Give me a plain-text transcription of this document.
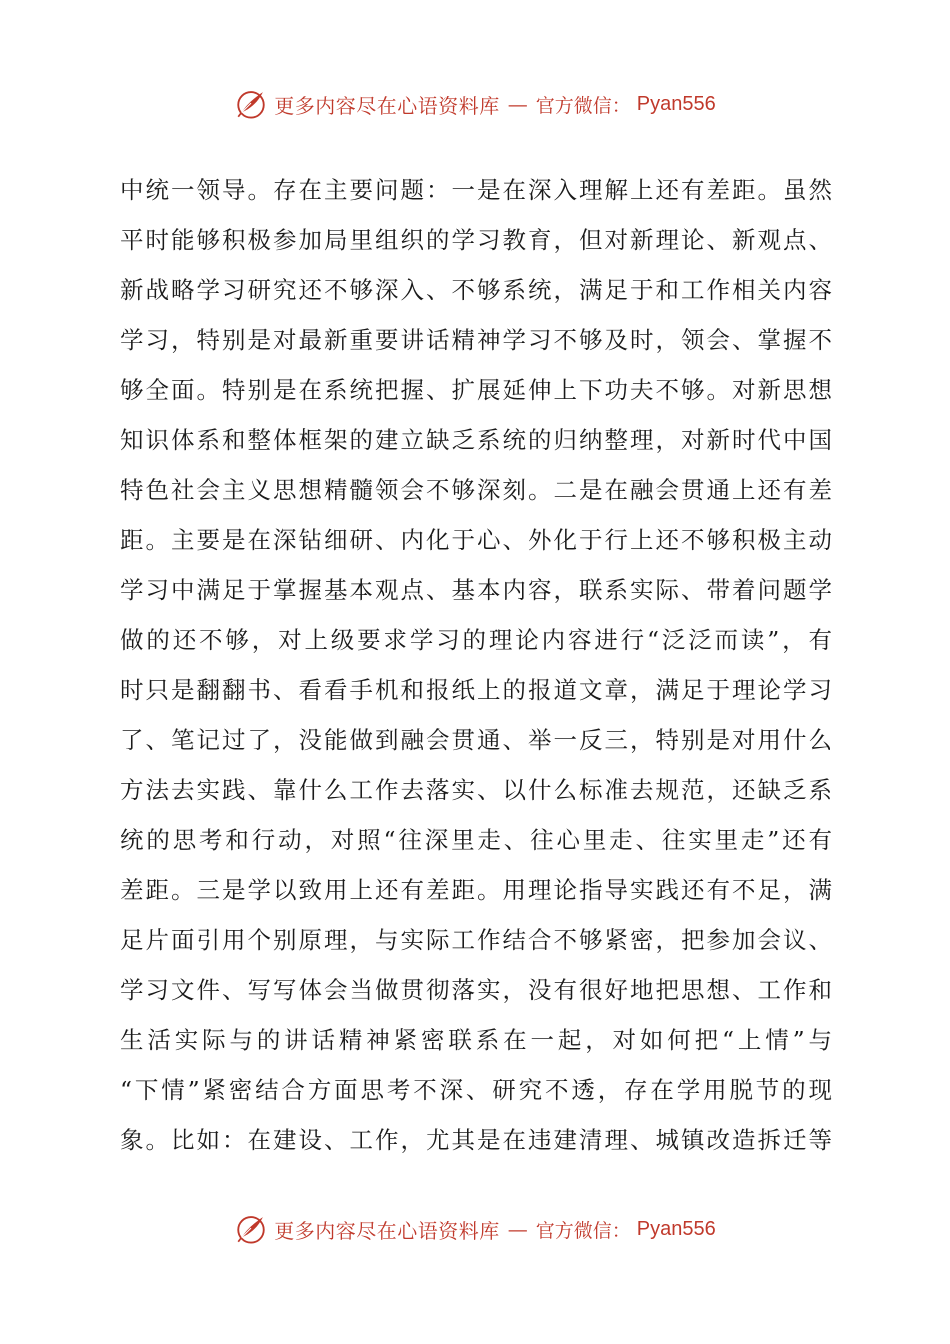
更多内容尽在心语资料库 — 官方微信： Pyan556
中统一领导。存在主要问题：一是在深入理解上还有差距。虽然
平时能够积极参加局里组织的学习教育，但对新理论、新观点、
新战略学习研究还不够深入、不够系统，满足于和工作相关内容
学习，特别是对最新重要讲话精神学习不够及时，领会、掌握不
够全面。特别是在系统把握、扩展延伸上下功夫不够。对新思想
知识体系和整体框架的建立缺乏系统的归纳整理，对新时代中国
特色社会主义思想精髓领会不够深刻。二是在融会贯通上还有差
距。主要是在深钻细研、内化于心、外化于行上还不够积极主动
学习中满足于掌握基本观点、基本内容，联系实际、带着问题学
做的还不够，对上级要求学习的理论内容进行“泛泛而读”，有
时只是翻翻书、看看手机和报纸上的报道文章，满足于理论学习
了、笔记过了，没能做到融会贯通、举一反三，特别是对用什么
方法去实践、靠什么工作去落实、以什么标准去规范，还缺乏系
统的思考和行动，对照“往深里走、往心里走、往实里走”还有
差距。三是学以致用上还有差距。用理论指导实践还有不足，满
足片面引用个别原理，与实际工作结合不够紧密，把参加会议、
学习文件、写写体会当做贯彻落实，没有很好地把思想、工作和
生活实际与的讲话精神紧密联系在一起，对如何把“上情”与
“下情”紧密结合方面思考不深、研究不透，存在学用脱节的现
象。比如：在建设、工作，尤其是在违建清理、城镇改造拆迁等
更多内容尽在心语资料库 — 官方微信： Pyan556
